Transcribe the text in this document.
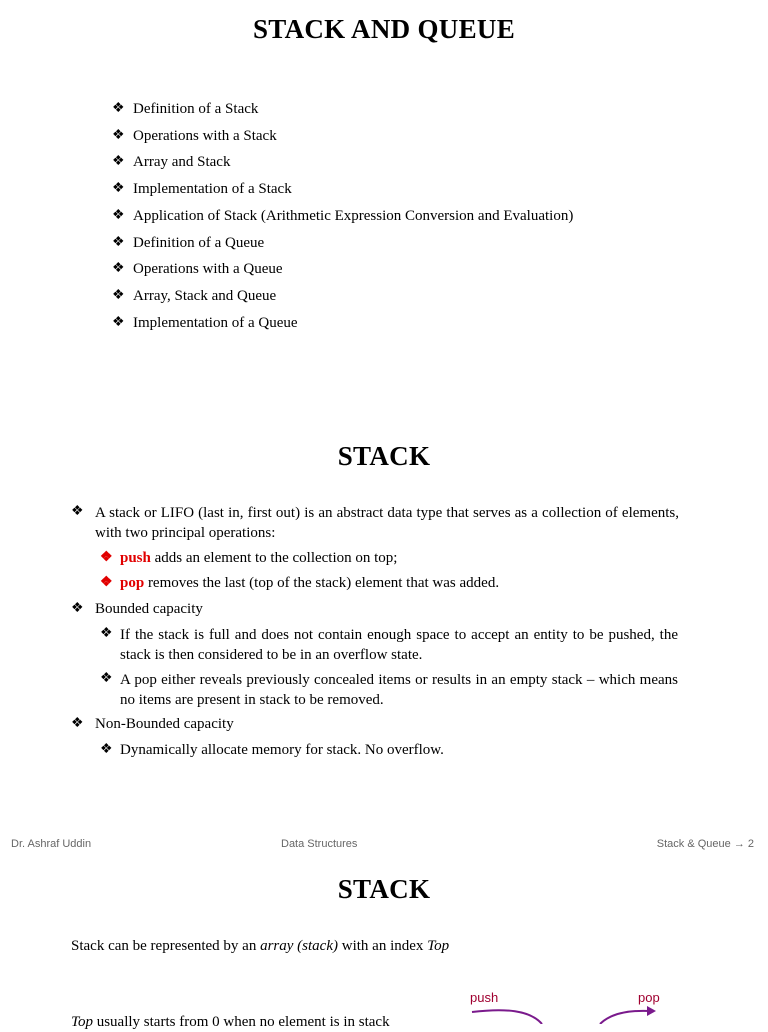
STACK AND QUEUE
❖ Definition of a Stack
❖ Operations with a Stack
❖ Array and Stack
❖ Implementation of a Stack
❖ Application of Stack (Arithmetic Expression Conversion and Evaluation)
❖ Definition of a Queue
❖ Operations with a Queue
❖ Array, Stack and Queue
❖ Implementation of a Queue
STACK
❖ A stack or LIFO (last in, first out) is an abstract data type that serves as a collection of elements, with two principal operations:
❖ push adds an element to the collection on top;
❖ pop removes the last (top of the stack) element that was added.
❖ Bounded capacity
❖ If the stack is full and does not contain enough space to accept an entity to be pushed, the stack is then considered to be in an overflow state.
❖ A pop either reveals previously concealed items or results in an empty stack – which means no items are present in stack to be removed.
❖ Non-Bounded capacity
❖ Dynamically allocate memory for stack. No overflow.
Dr. Ashraf Uddin	Data Structures	Stack & Queue → 2
STACK
Stack can be represented by an array (stack) with an index Top
Top usually starts from 0 when no element is in stack
push	pop
